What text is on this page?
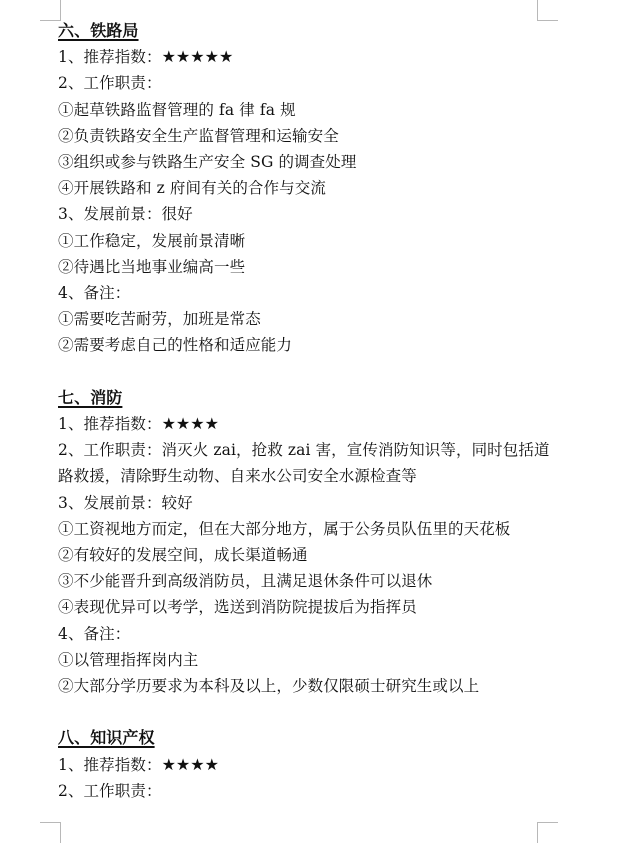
六、铁路局
1、推荐指数：★★★★★
2、工作职责：
①起草铁路监督管理的 fa 律 fa 规
②负责铁路安全生产监督管理和运输安全
③组织或参与铁路生产安全 SG 的调查处理
④开展铁路和 z 府间有关的合作与交流
3、发展前景：很好
①工作稳定，发展前景清晰
②待遇比当地事业编高一些
4、备注：
①需要吃苦耐劳，加班是常态
②需要考虑自己的性格和适应能力
七、消防
1、推荐指数：★★★★
2、工作职责：消灭火 zai，抢救 zai 害，宣传消防知识等，同时包括道路救援，清除野生动物、自来水公司安全水源检查等
3、发展前景：较好
①工资视地方而定，但在大部分地方，属于公务员队伍里的天花板
②有较好的发展空间，成长渠道畅通
③不少能晋升到高级消防员，且满足退休条件可以退休
④表现优异可以考学，选送到消防院提拔后为指挥员
4、备注：
①以管理指挥岗内主
②大部分学历要求为本科及以上，少数仅限硕士研究生或以上
八、知识产权
1、推荐指数：★★★★
2、工作职责：
